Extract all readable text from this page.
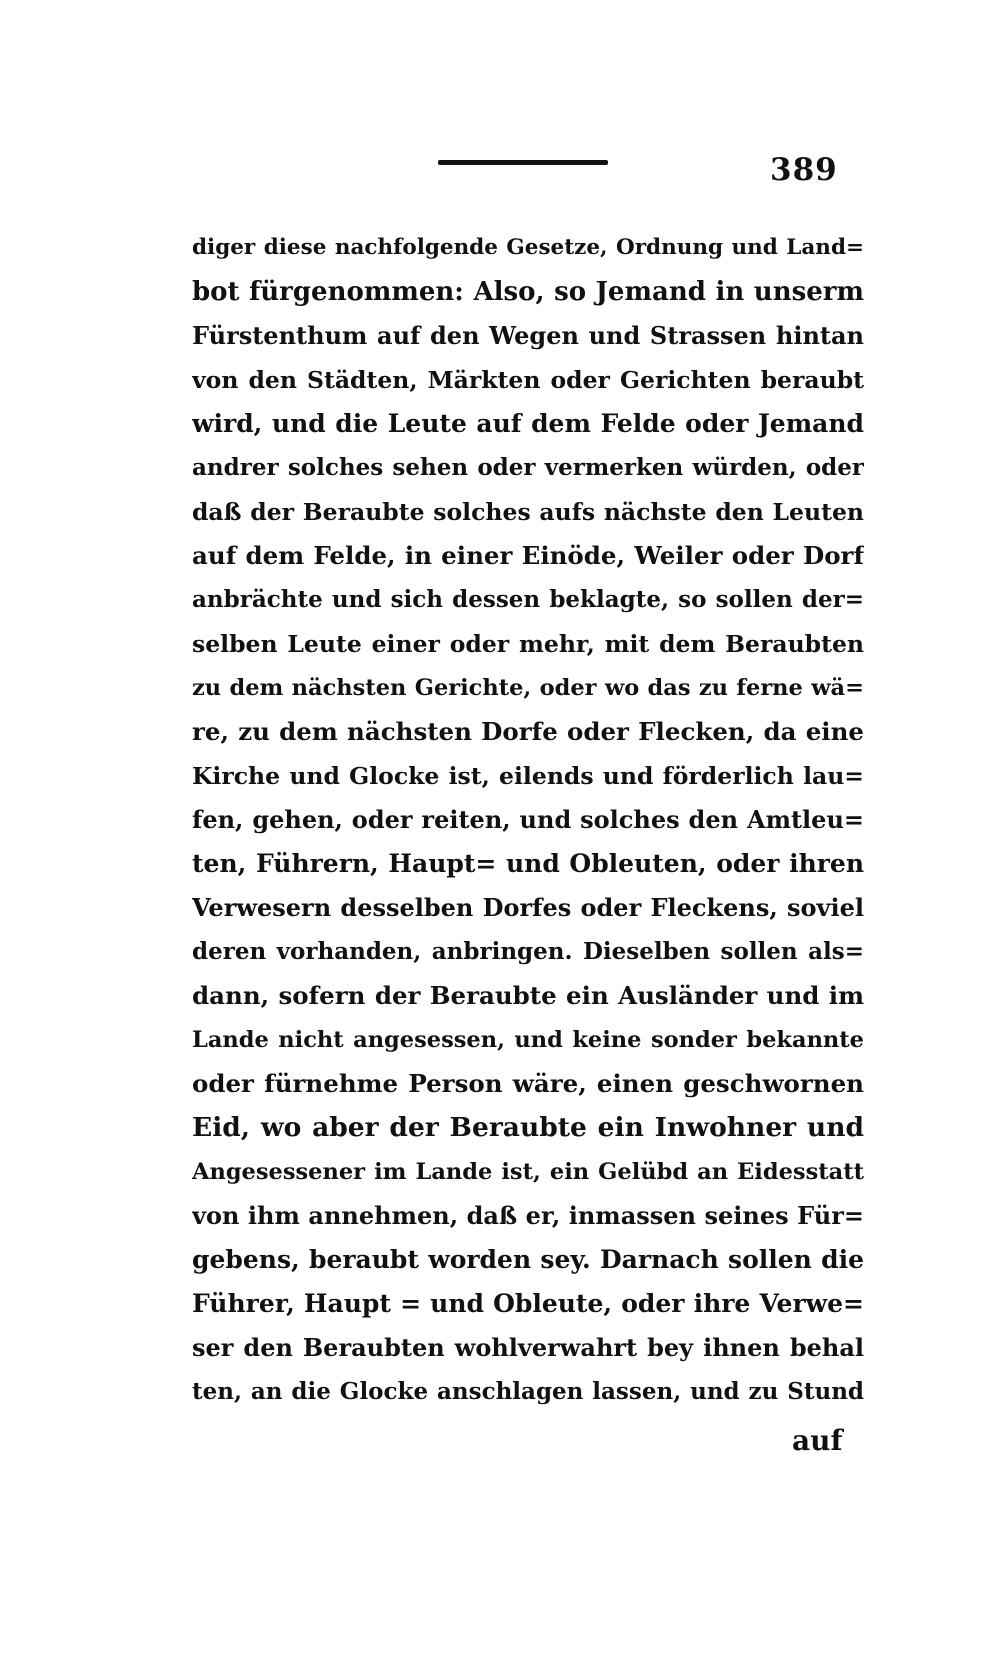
389
diger diese nachfolgende Gesetze, Ordnung und Land=
bot fürgenommen: Also, so Jemand in unserm
Fürstenthum auf den Wegen und Strassen hintan
von den Städten, Märkten oder Gerichten beraubt
wird, und die Leute auf dem Felde oder Jemand
andrer solches sehen oder vermerken würden, oder
daß der Beraubte solches aufs nächste den Leuten
auf dem Felde, in einer Einöde, Weiler oder Dorf
anbrächte und sich dessen beklagte, so sollen der=
selben Leute einer oder mehr, mit dem Beraubten
zu dem nächsten Gerichte, oder wo das zu ferne wä=
re, zu dem nächsten Dorfe oder Flecken, da eine
Kirche und Glocke ist, eilends und förderlich lau=
fen, gehen, oder reiten, und solches den Amtleu=
ten, Führern, Haupt= und Obleuten, oder ihren
Verwesern desselben Dorfes oder Fleckens, soviel
deren vorhanden, anbringen. Dieselben sollen als=
dann, sofern der Beraubte ein Ausländer und im
Lande nicht angesessen, und keine sonder bekannte
oder fürnehme Person wäre, einen geschwornen
Eid, wo aber der Beraubte ein Inwohner und
Angesessener im Lande ist, ein Gelübd an Eidesstatt
von ihm annehmen, daß er, inmassen seines Für=
gebens, beraubt worden sey. Darnach sollen die
Führer, Haupt = und Obleute, oder ihre Verwe=
ser den Beraubten wohlverwahrt bey ihnen behal
ten, an die Glocke anschlagen lassen, und zu Stund
auf
